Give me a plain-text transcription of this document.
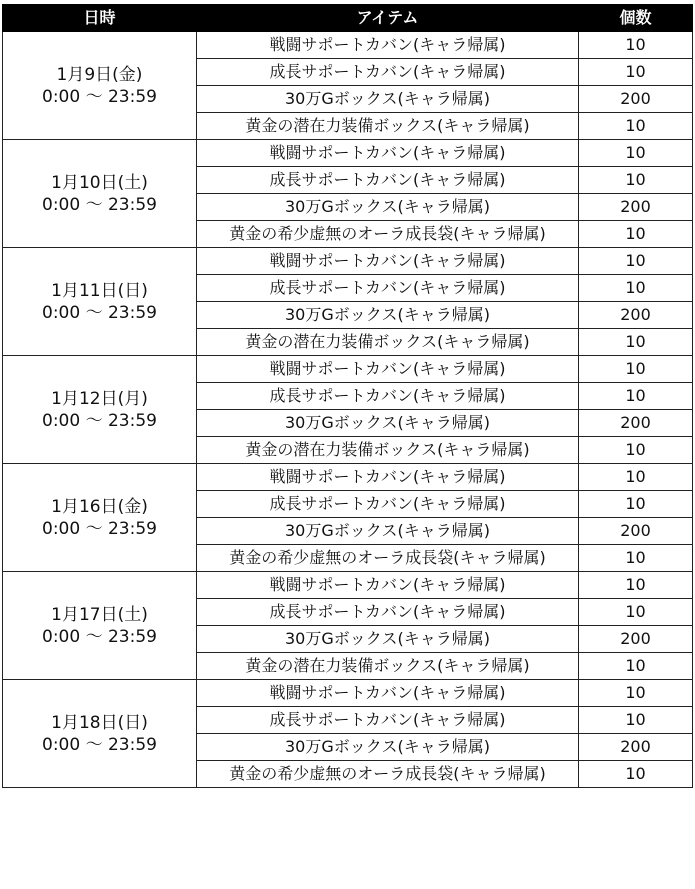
日時	アイテム	個数

1月9日(金)
0:00 ～ 23:59	戦闘サポートカバン(キャラ帰属)	10
	成長サポートカバン(キャラ帰属)	10
	30万Gボックス(キャラ帰属)	200
	黄金の潜在力装備ボックス(キャラ帰属)	10

1月10日(土)
0:00 ～ 23:59	戦闘サポートカバン(キャラ帰属)	10
	成長サポートカバン(キャラ帰属)	10
	30万Gボックス(キャラ帰属)	200
	黄金の希少虚無のオーラ成長袋(キャラ帰属)	10

1月11日(日)
0:00 ～ 23:59	戦闘サポートカバン(キャラ帰属)	10
	成長サポートカバン(キャラ帰属)	10
	30万Gボックス(キャラ帰属)	200
	黄金の潜在力装備ボックス(キャラ帰属)	10

1月12日(月)
0:00 ～ 23:59	戦闘サポートカバン(キャラ帰属)	10
	成長サポートカバン(キャラ帰属)	10
	30万Gボックス(キャラ帰属)	200
	黄金の潜在力装備ボックス(キャラ帰属)	10

1月16日(金)
0:00 ～ 23:59	戦闘サポートカバン(キャラ帰属)	10
	成長サポートカバン(キャラ帰属)	10
	30万Gボックス(キャラ帰属)	200
	黄金の希少虚無のオーラ成長袋(キャラ帰属)	10

1月17日(土)
0:00 ～ 23:59	戦闘サポートカバン(キャラ帰属)	10
	成長サポートカバン(キャラ帰属)	10
	30万Gボックス(キャラ帰属)	200
	黄金の潜在力装備ボックス(キャラ帰属)	10

1月18日(日)
0:00 ～ 23:59	戦闘サポートカバン(キャラ帰属)	10
	成長サポートカバン(キャラ帰属)	10
	30万Gボックス(キャラ帰属)	200
	黄金の希少虚無のオーラ成長袋(キャラ帰属)	10
